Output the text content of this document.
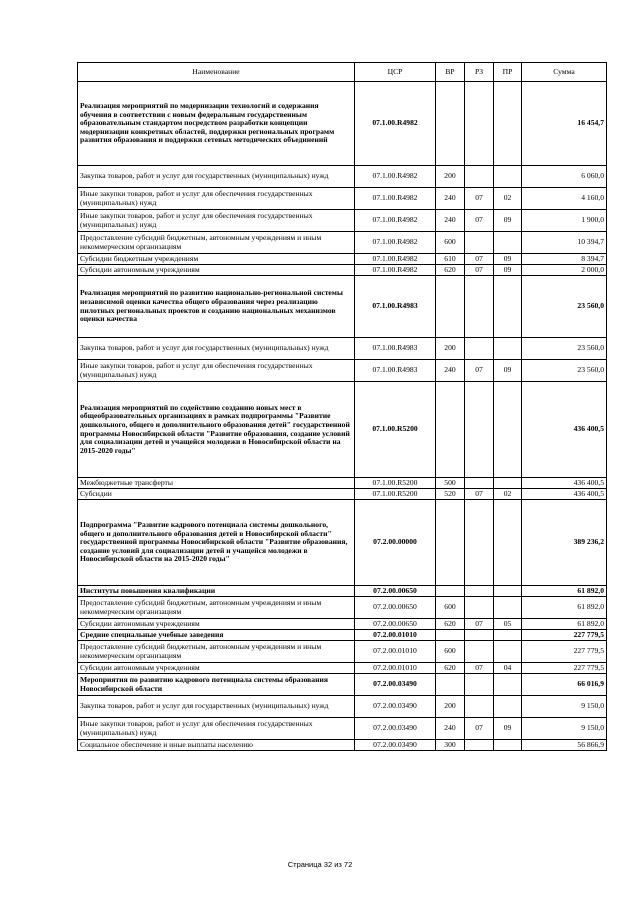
Наименование	ЦСР	ВР	РЗ	ПР	Сумма
Реализация мероприятий по модернизации технологий и содержания обучения в соответствии с новым федеральным государственным образовательным стандартом посредством разработки концепции модернизации конкретных областей, поддержки региональных программ развития образования и поддержки сетевых методических объединений	07.1.00.R4982				16 454,7
Закупка товаров, работ и услуг для государственных (муниципальных) нужд	07.1.00.R4982	200			6 060,0
Иные закупки товаров, работ и услуг для обеспечения государственных (муниципальных) нужд	07.1.00.R4982	240	07	02	4 160,0
Иные закупки товаров, работ и услуг для обеспечения государственных (муниципальных) нужд	07.1.00.R4982	240	07	09	1 900,0
Предоставление субсидий бюджетным, автономным учреждениям и иным некоммерческим организациям	07.1.00.R4982	600			10 394,7
Субсидии бюджетным учреждениям	07.1.00.R4982	610	07	09	8 394,7
Субсидии автономным учреждениям	07.1.00.R4982	620	07	09	2 000,0
Реализация мероприятий по развитию национально-региональной системы независимой оценки качества общего образования через реализацию пилотных региональных проектов и созданию национальных механизмов оценки качества	07.1.00.R4983				23 560,0
Закупка товаров, работ и услуг для государственных (муниципальных) нужд	07.1.00.R4983	200			23 560,0
Иные закупки товаров, работ и услуг для обеспечения государственных (муниципальных) нужд	07.1.00.R4983	240	07	09	23 560,0
Реализация мероприятий по содействию созданию новых мест в общеобразовательных организациях в рамках подпрограммы "Развитие дошкольного, общего и дополнительного образования детей" государственной программы Новосибирской области "Развитие образования, создание условий для социализации детей и учащейся молодежи в Новосибирской области на 2015-2020 годы"	07.1.00.R5200				436 400,5
Межбюджетные трансферты	07.1.00.R5200	500			436 400,5
Субсидии	07.1.00.R5200	520	07	02	436 400,5
Подпрограмма "Развитие кадрового потенциала системы дошкольного, общего и дополнительного образования детей в Новосибирской области" государственной программы Новосибирской области "Развитие образования, создание условий для социализации детей и учащейся молодежи в Новосибирской области на 2015-2020 годы"	07.2.00.00000				389 236,2
Институты повышения квалификации	07.2.00.00650				61 892,0
Предоставление субсидий бюджетным, автономным учреждениям и иным некоммерческим организациям	07.2.00.00650	600			61 892,0
Субсидии автономным учреждениям	07.2.00.00650	620	07	05	61 892,0
Средние специальные учебные заведения	07.2.00.01010				227 779,5
Предоставление субсидий бюджетным, автономным учреждениям и иным некоммерческим организациям	07.2.00.01010	600			227 779,5
Субсидии автономным учреждениям	07.2.00.01010	620	07	04	227 779,5
Мероприятия по развитию кадрового потенциала системы образования Новосибирской области	07.2.00.03490				66 016,9
Закупка товаров, работ и услуг для государственных (муниципальных) нужд	07.2.00.03490	200			9 150,0
Иные закупки товаров, работ и услуг для обеспечения государственных (муниципальных) нужд	07.2.00.03490	240	07	09	9 150,0
Социальное обеспечение и иные выплаты населению	07.2.00.03490	300			56 866,9
Страница 32 из 72
